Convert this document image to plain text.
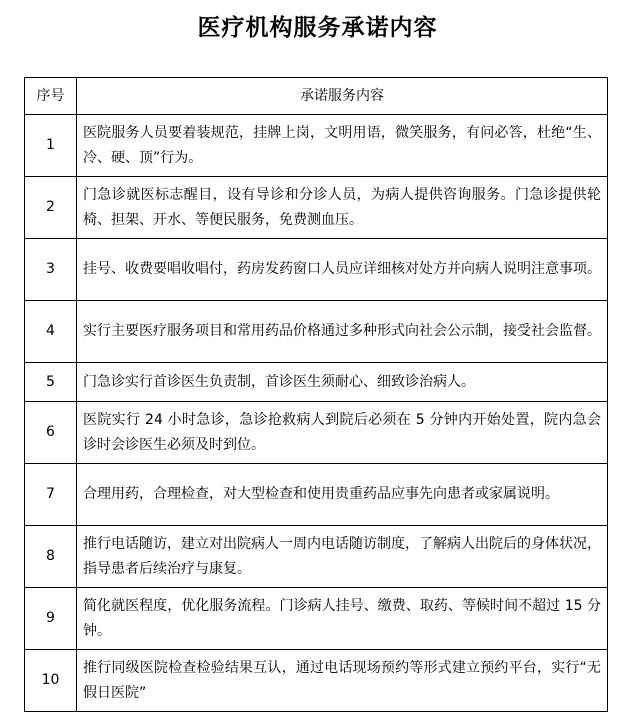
医疗机构服务承诺内容
序号	承诺服务内容
1	医院服务人员要着装规范，挂牌上岗，文明用语，微笑服务，有问必答，杜绝“生、冷、硬、顶”行为。
2	门急诊就医标志醒目，设有导诊和分诊人员，为病人提供咨询服务。门急诊提供轮椅、担架、开水、等便民服务，免费测血压。
3	挂号、收费要唱收唱付，药房发药窗口人员应详细核对处方并向病人说明注意事项。
4	实行主要医疗服务项目和常用药品价格通过多种形式向社会公示制，接受社会监督。
5	门急诊实行首诊医生负责制，首诊医生须耐心、细致诊治病人。
6	医院实行 24 小时急诊，急诊抢救病人到院后必须在 5 分钟内开始处置，院内急会诊时会诊医生必须及时到位。
7	合理用药，合理检查，对大型检查和使用贵重药品应事先向患者或家属说明。
8	推行电话随访，建立对出院病人一周内电话随访制度，了解病人出院后的身体状况，指导患者后续治疗与康复。
9	简化就医程度，优化服务流程。门诊病人挂号、缴费、取药、等候时间不超过 15 分钟。
10	推行同级医院检查检验结果互认，通过电话现场预约等形式建立预约平台，实行“无假日医院”
